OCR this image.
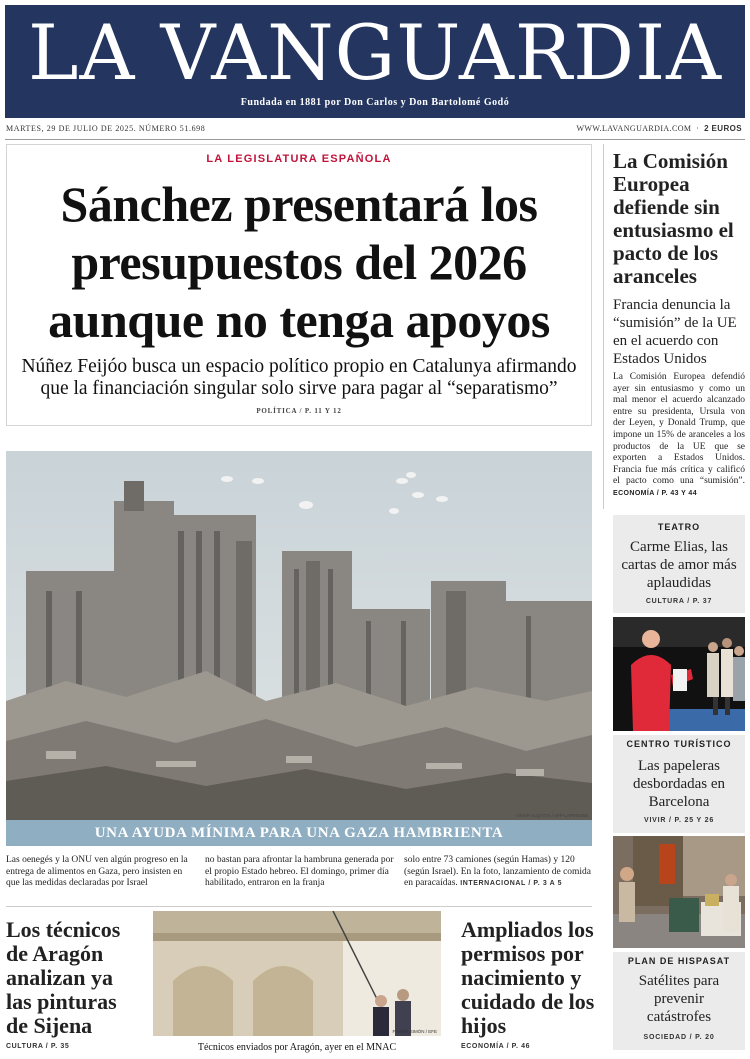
LA VANGUARDIA
Fundada en 1881 por Don Carlos y Don Bartolomé Godó
MARTES, 29 DE JULIO DE 2025. NÚMERO 51.698	WWW.LAVANGUARDIA.COM  ·  2 EUROS
LA LEGISLATURA ESPAÑOLA
Sánchez presentará los presupuestos del 2026 aunque no tenga apoyos
Núñez Feijóo busca un espacio político propio en Catalunya afirmando que la financiación singular solo sirve para pagar al “separatismo”
POLÍTICA / P. 11 Y 12
La Comisión Europea defiende sin entusiasmo el pacto de los aranceles
Francia denuncia la “sumisión” de la UE en el acuerdo con Estados Unidos
La Comisión Europea defendió ayer sin entusiasmo y como un mal menor el acuerdo alcanzado entre su presidenta, Ursula von der Leyen, y Donald Trump, que impone un 15% de aranceles a los productos de la UE que se exporten a Estados Unidos. Francia fue más crítica y calificó el pacto como una “sumisión”. ECONOMÍA / P. 43 Y 44
TEATRO
Carme Elias, las cartas de amor más aplaudidas
CULTURA / P. 37
CENTRO TURÍSTICO
Las papeleras desbordadas en Barcelona
VIVIR / P. 25 Y 26
PLAN DE HISPASAT
Satélites para prevenir catástrofes
SOCIEDAD / P. 20
OMAR ALQATTA / AFP-LAPRESSE
UNA AYUDA MÍNIMA PARA UNA GAZA HAMBRIENTA
Las oenegés y la ONU ven algún progreso en la entrega de alimentos en Gaza, pero insisten en que las medidas declaradas por Israel
no bastan para afrontar la hambruna generada por el propio Estado hebreo. El domingo, primer día habilitado, entraron en la franja
solo entre 73 camiones (según Hamas) y 120 (según Israel). En la foto, lanzamiento de comida en paracaídas. INTERNACIONAL / P. 3 A 5
Los técnicos de Aragón analizan ya las pinturas de Sijena
CULTURA / P. 35
FABIÁN SIMÓN / EFE
Técnicos enviados por Aragón, ayer en el MNAC
Ampliados los permisos por nacimiento y cuidado de los hijos
ECONOMÍA / P. 46
